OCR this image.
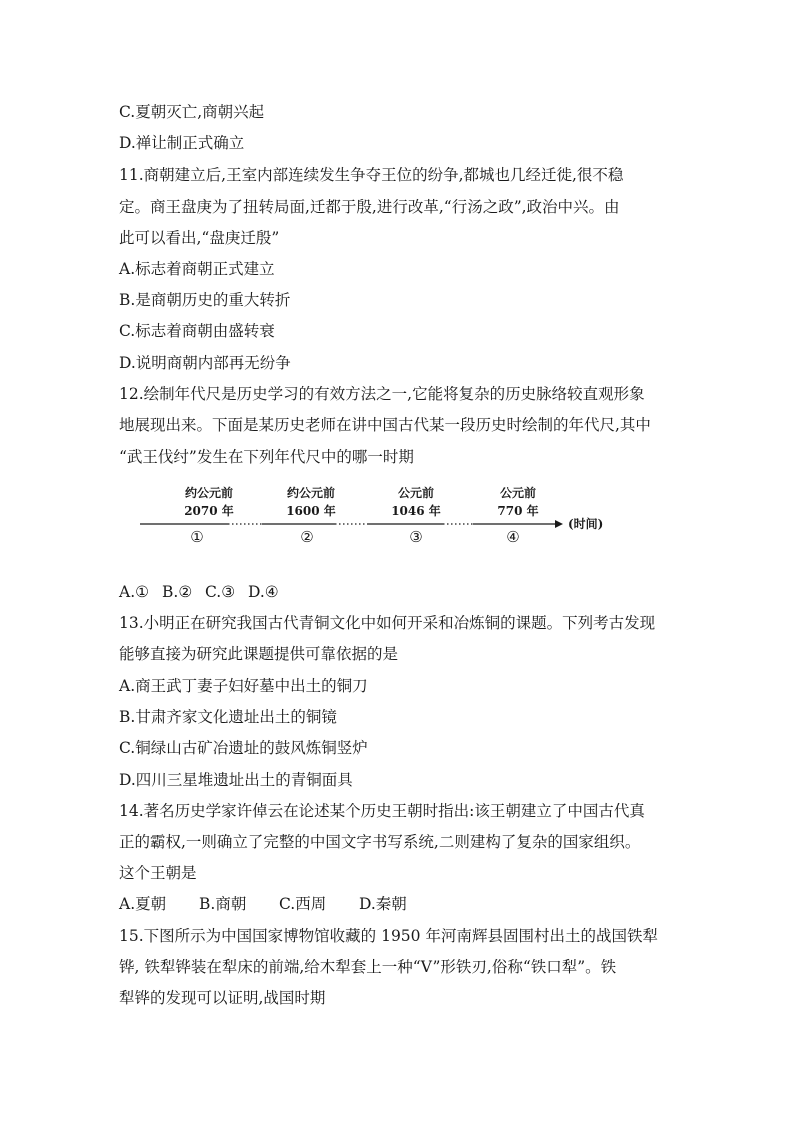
C.夏朝灭亡,商朝兴起
D.禅让制正式确立
11.商朝建立后,王室内部连续发生争夺王位的纷争,都城也几经迁徙,很不稳
定。商王盘庚为了扭转局面,迁都于殷,进行改革,“行汤之政”,政治中兴。由
此可以看出,“盘庚迁殷”
A.标志着商朝正式建立
B.是商朝历史的重大转折
C.标志着商朝由盛转衰
D.说明商朝内部再无纷争
12.绘制年代尺是历史学习的有效方法之一,它能将复杂的历史脉络较直观形象
地展现出来。下面是某历史老师在讲中国古代某一段历史时绘制的年代尺,其中
“武王伐纣”发生在下列年代尺中的哪一时期
约公元前
2070 年
①
约公元前
1600 年
②
公元前
1046 年
③
公元前
770 年
④
(时间)
A.① B.② C.③ D.④
13.小明正在研究我国古代青铜文化中如何开采和冶炼铜的课题。下列考古发现
能够直接为研究此课题提供可靠依据的是
A.商王武丁妻子妇好墓中出土的铜刀
B.甘肃齐家文化遗址出土的铜镜
C.铜绿山古矿冶遗址的鼓风炼铜竖炉
D.四川三星堆遗址出土的青铜面具
14.著名历史学家许倬云在论述某个历史王朝时指出:该王朝建立了中国古代真
正的霸权,一则确立了完整的中国文字书写系统,二则建构了复杂的国家组织。
这个王朝是
A.夏朝 B.商朝 C.西周 D.秦朝
15.下图所示为中国国家博物馆收藏的 1950 年河南辉县固围村出土的战国铁犁
铧, 铁犁铧装在犁床的前端,给木犁套上一种“V”形铁刃,俗称“铁口犁”。铁
犁铧的发现可以证明,战国时期
